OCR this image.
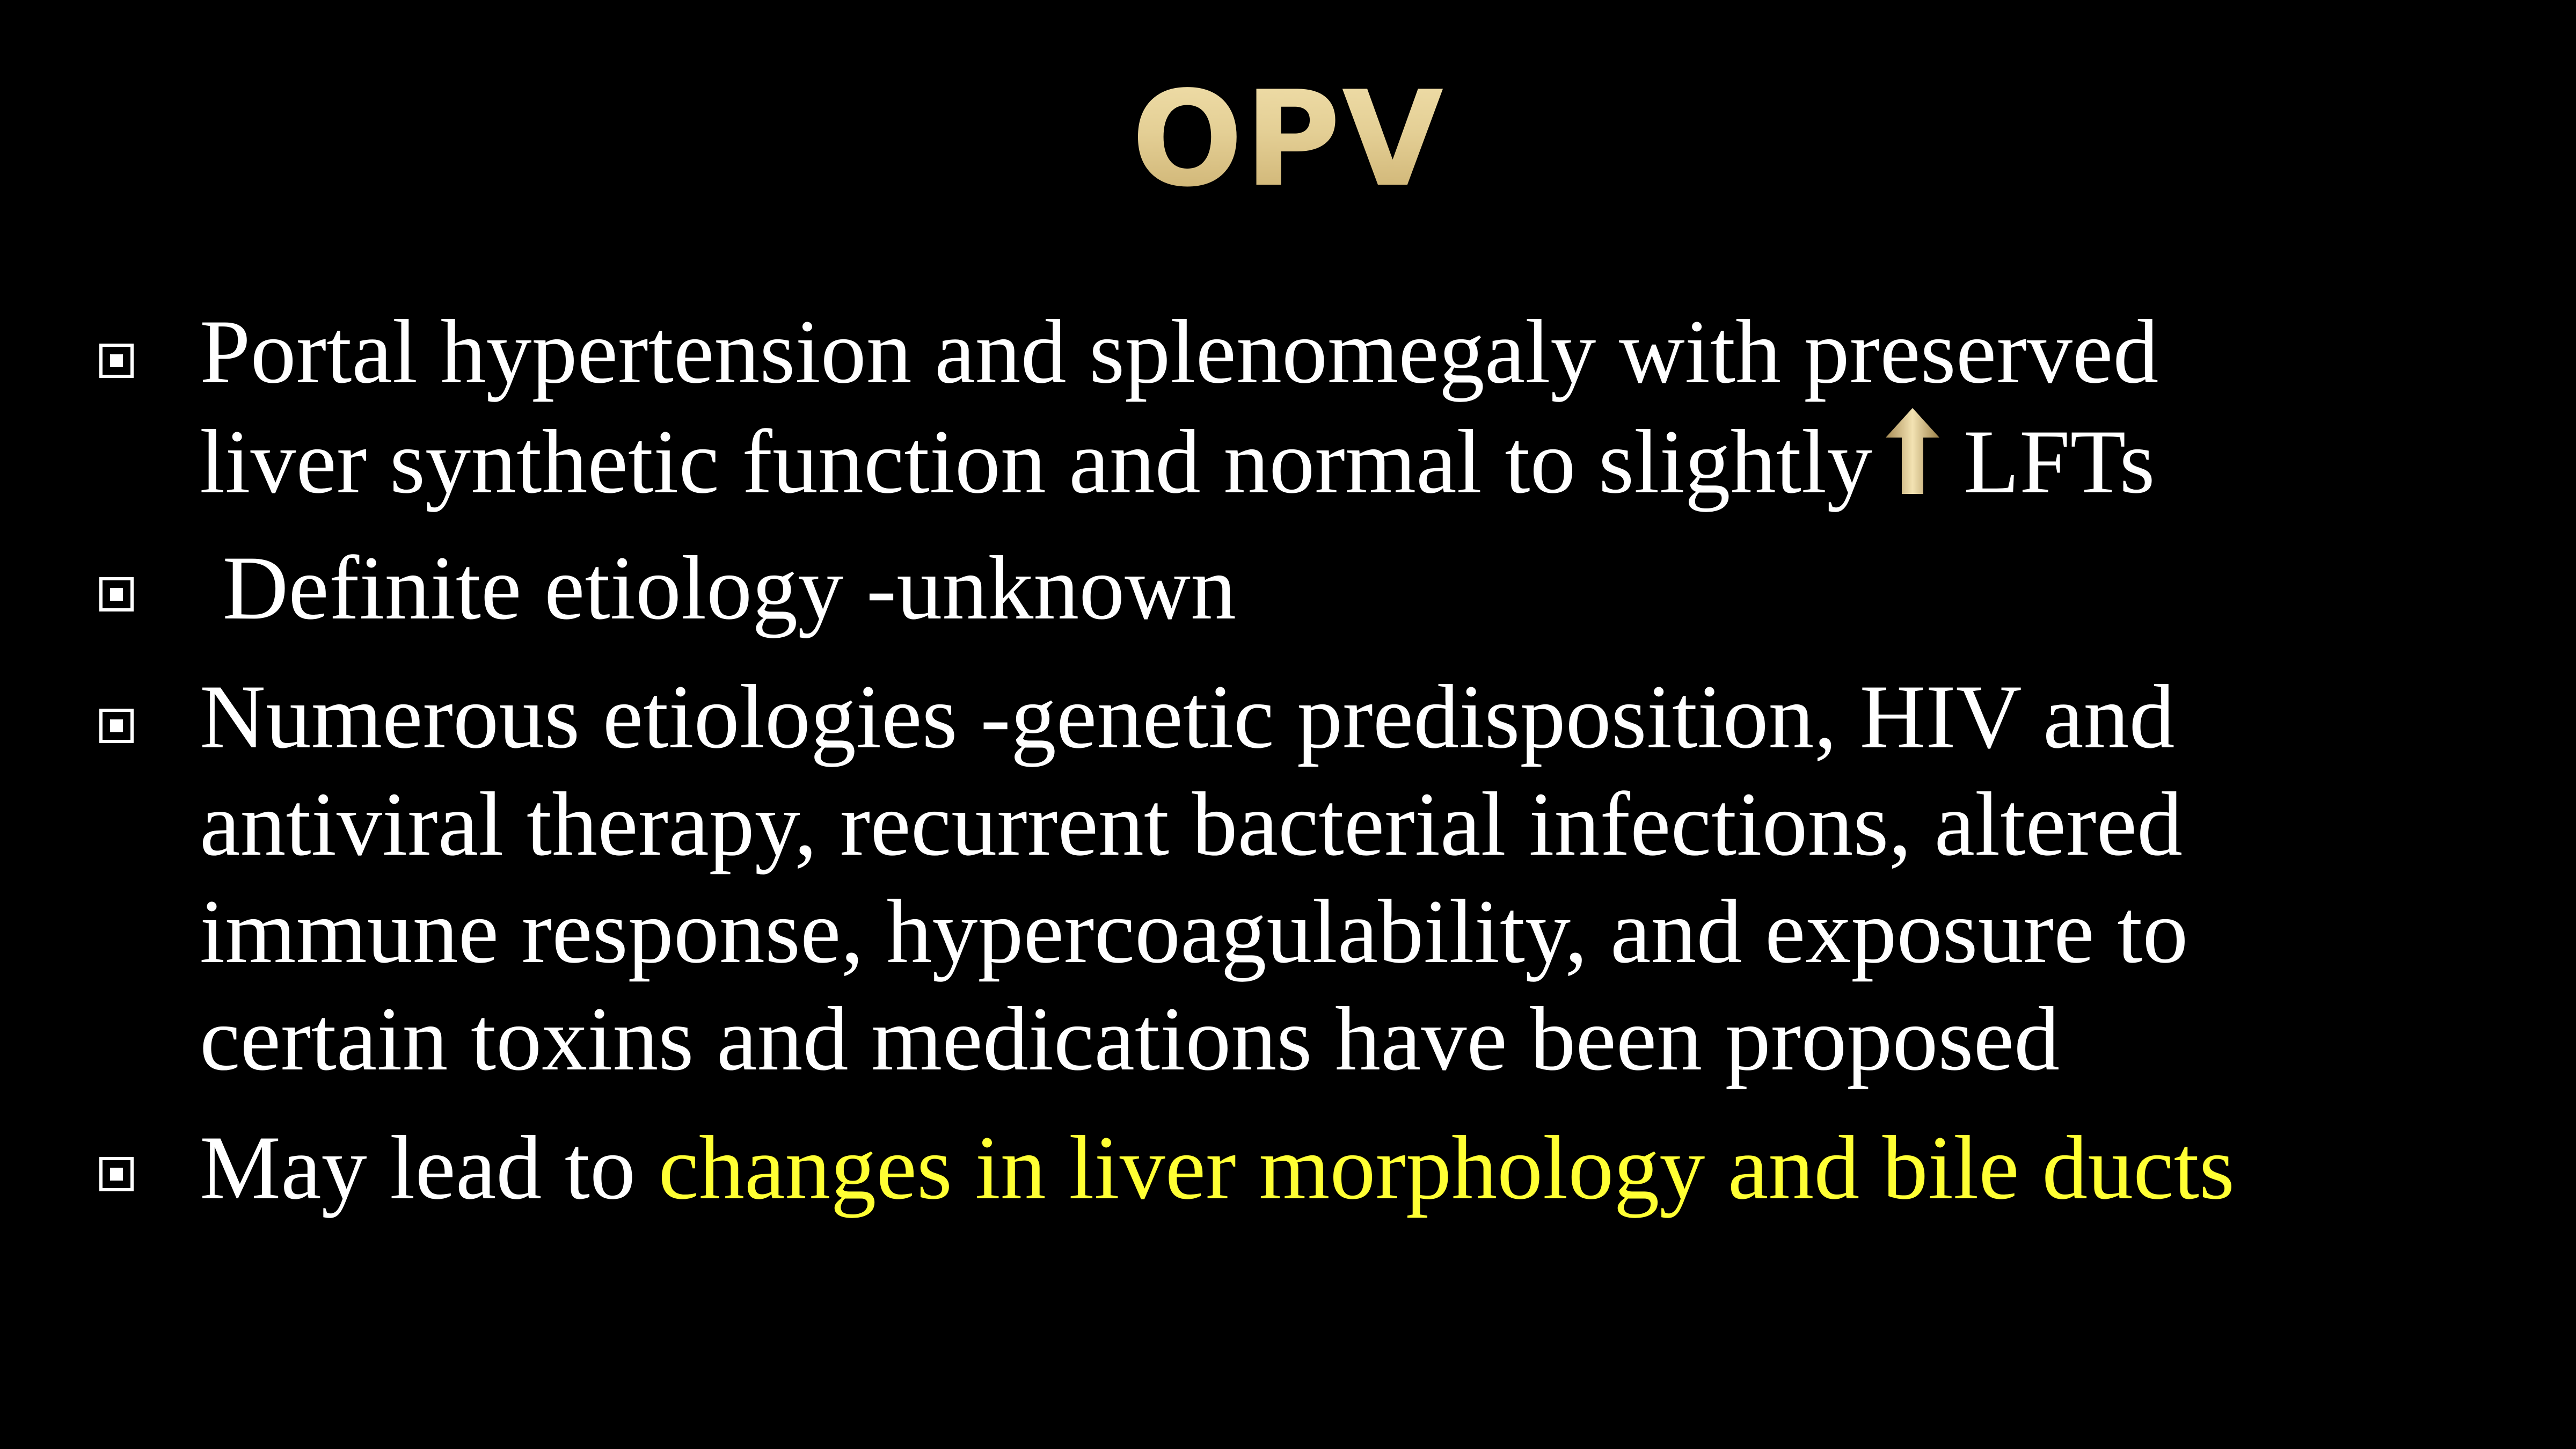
OPV
Portal hypertension and splenomegaly with preserved
liver synthetic function and normal to slightly LFTs
Definite etiology -unknown
Numerous etiologies -genetic predisposition, HIV and
antiviral therapy, recurrent bacterial infections, altered
immune response, hypercoagulability, and exposure to
certain toxins and medications have been proposed
May lead to changes in liver morphology and bile ducts
